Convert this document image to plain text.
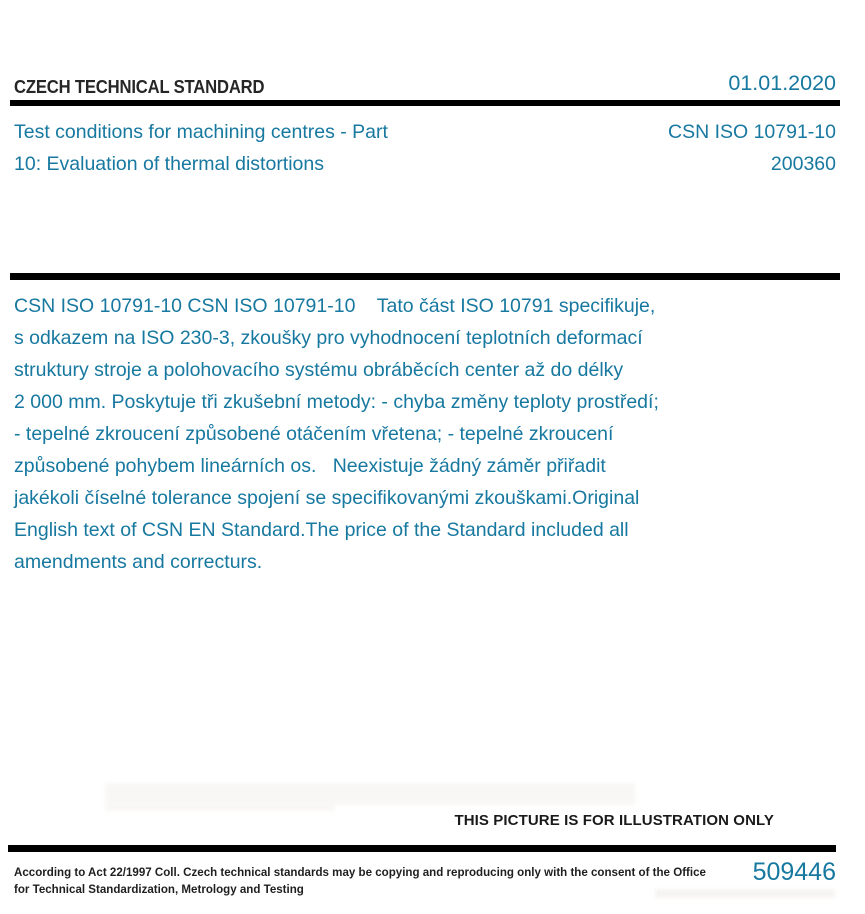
CZECH TECHNICAL STANDARD	01.01.2020
Test conditions for machining centres - Part
10: Evaluation of thermal distortions
CSN ISO 10791-10
200360
CSN ISO 10791-10 CSN ISO 10791-10    Tato část ISO 10791 specifikuje,
s odkazem na ISO 230-3, zkoušky pro vyhodnocení teplotních deformací
struktury stroje a polohovacího systému obráběcích center až do délky
2 000 mm. Poskytuje tři zkušební metody: - chyba změny teploty prostředí;
- tepelné zkroucení způsobené otáčením vřetena; - tepelné zkroucení
způsobené pohybem lineárních os.   Neexistuje žádný záměr přiřadit
jakékoli číselné tolerance spojení se specifikovanými zkouškami.Original
English text of CSN EN Standard.The price of the Standard included all
amendments and correcturs.
THIS PICTURE IS FOR ILLUSTRATION ONLY
According to Act 22/1997 Coll. Czech technical standards may be copying and reproducing only with the consent of the Office
for Technical Standardization, Metrology and Testing
509446
